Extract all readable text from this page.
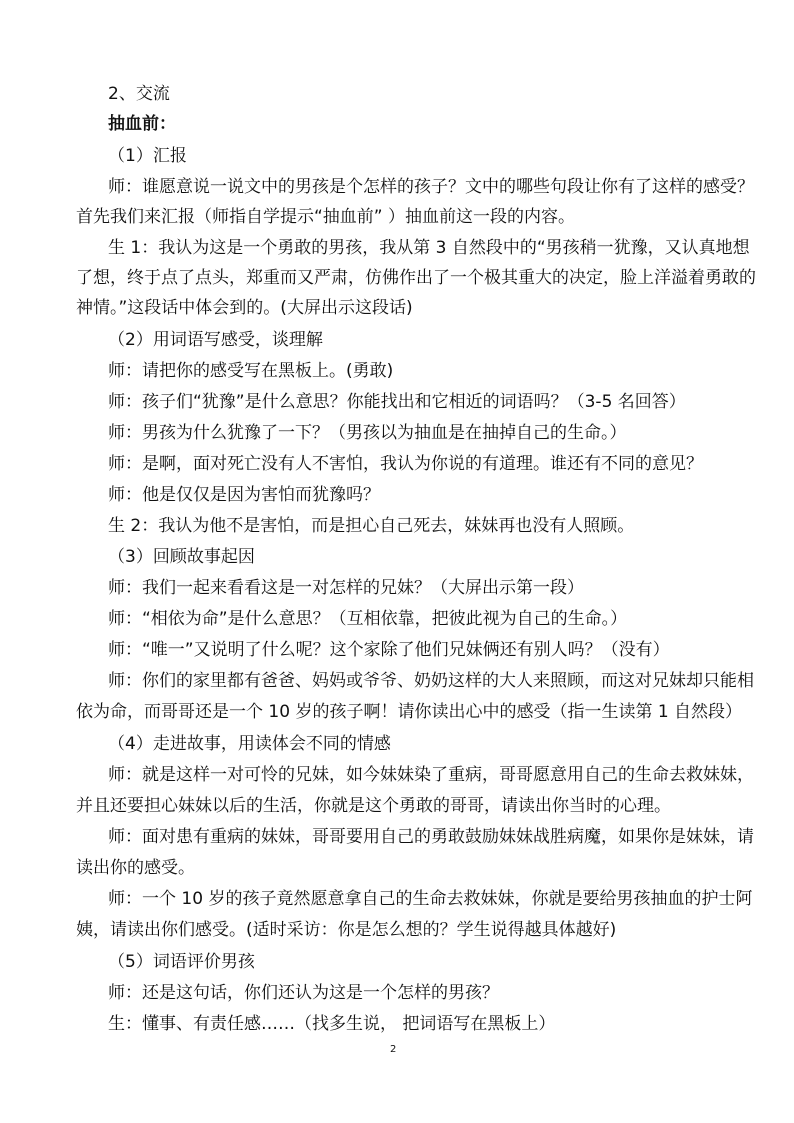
2、交流
抽血前：
（1）汇报
师：谁愿意说一说文中的男孩是个怎样的孩子？文中的哪些句段让你有了这样的感受？
首先我们来汇报（师指自学提示“抽血前” ）抽血前这一段的内容。
生 1：我认为这是一个勇敢的男孩，我从第 3 自然段中的“男孩稍一犹豫，又认真地想
了想，终于点了点头，郑重而又严肃，仿佛作出了一个极其重大的决定，脸上洋溢着勇敢的
神情。”这段话中体会到的。(大屏出示这段话)
（2）用词语写感受，谈理解
师：请把你的感受写在黑板上。(勇敢)
师：孩子们“犹豫”是什么意思？你能找出和它相近的词语吗？（3-5 名回答）
师：男孩为什么犹豫了一下？（男孩以为抽血是在抽掉自己的生命。）
师：是啊，面对死亡没有人不害怕，我认为你说的有道理。谁还有不同的意见？
师：他是仅仅是因为害怕而犹豫吗？
生 2：我认为他不是害怕，而是担心自己死去，妹妹再也没有人照顾。
（3）回顾故事起因
师：我们一起来看看这是一对怎样的兄妹？（大屏出示第一段）
师：“相依为命”是什么意思？（互相依靠，把彼此视为自己的生命。）
师：“唯一”又说明了什么呢？这个家除了他们兄妹俩还有别人吗？（没有）
师：你们的家里都有爸爸、妈妈或爷爷、奶奶这样的大人来照顾，而这对兄妹却只能相
依为命，而哥哥还是一个 10 岁的孩子啊！请你读出心中的感受（指一生读第 1 自然段）
（4）走进故事，用读体会不同的情感
师：就是这样一对可怜的兄妹，如今妹妹染了重病，哥哥愿意用自己的生命去救妹妹，
并且还要担心妹妹以后的生活，你就是这个勇敢的哥哥，请读出你当时的心理。
师：面对患有重病的妹妹，哥哥要用自己的勇敢鼓励妹妹战胜病魔，如果你是妹妹，请
读出你的感受。
师：一个 10 岁的孩子竟然愿意拿自己的生命去救妹妹，你就是要给男孩抽血的护士阿
姨，请读出你们感受。(适时采访：你是怎么想的？学生说得越具体越好)
（5）词语评价男孩
师：还是这句话，你们还认为这是一个怎样的男孩？
生：懂事、有责任感……（找多生说， 把词语写在黑板上）
2
